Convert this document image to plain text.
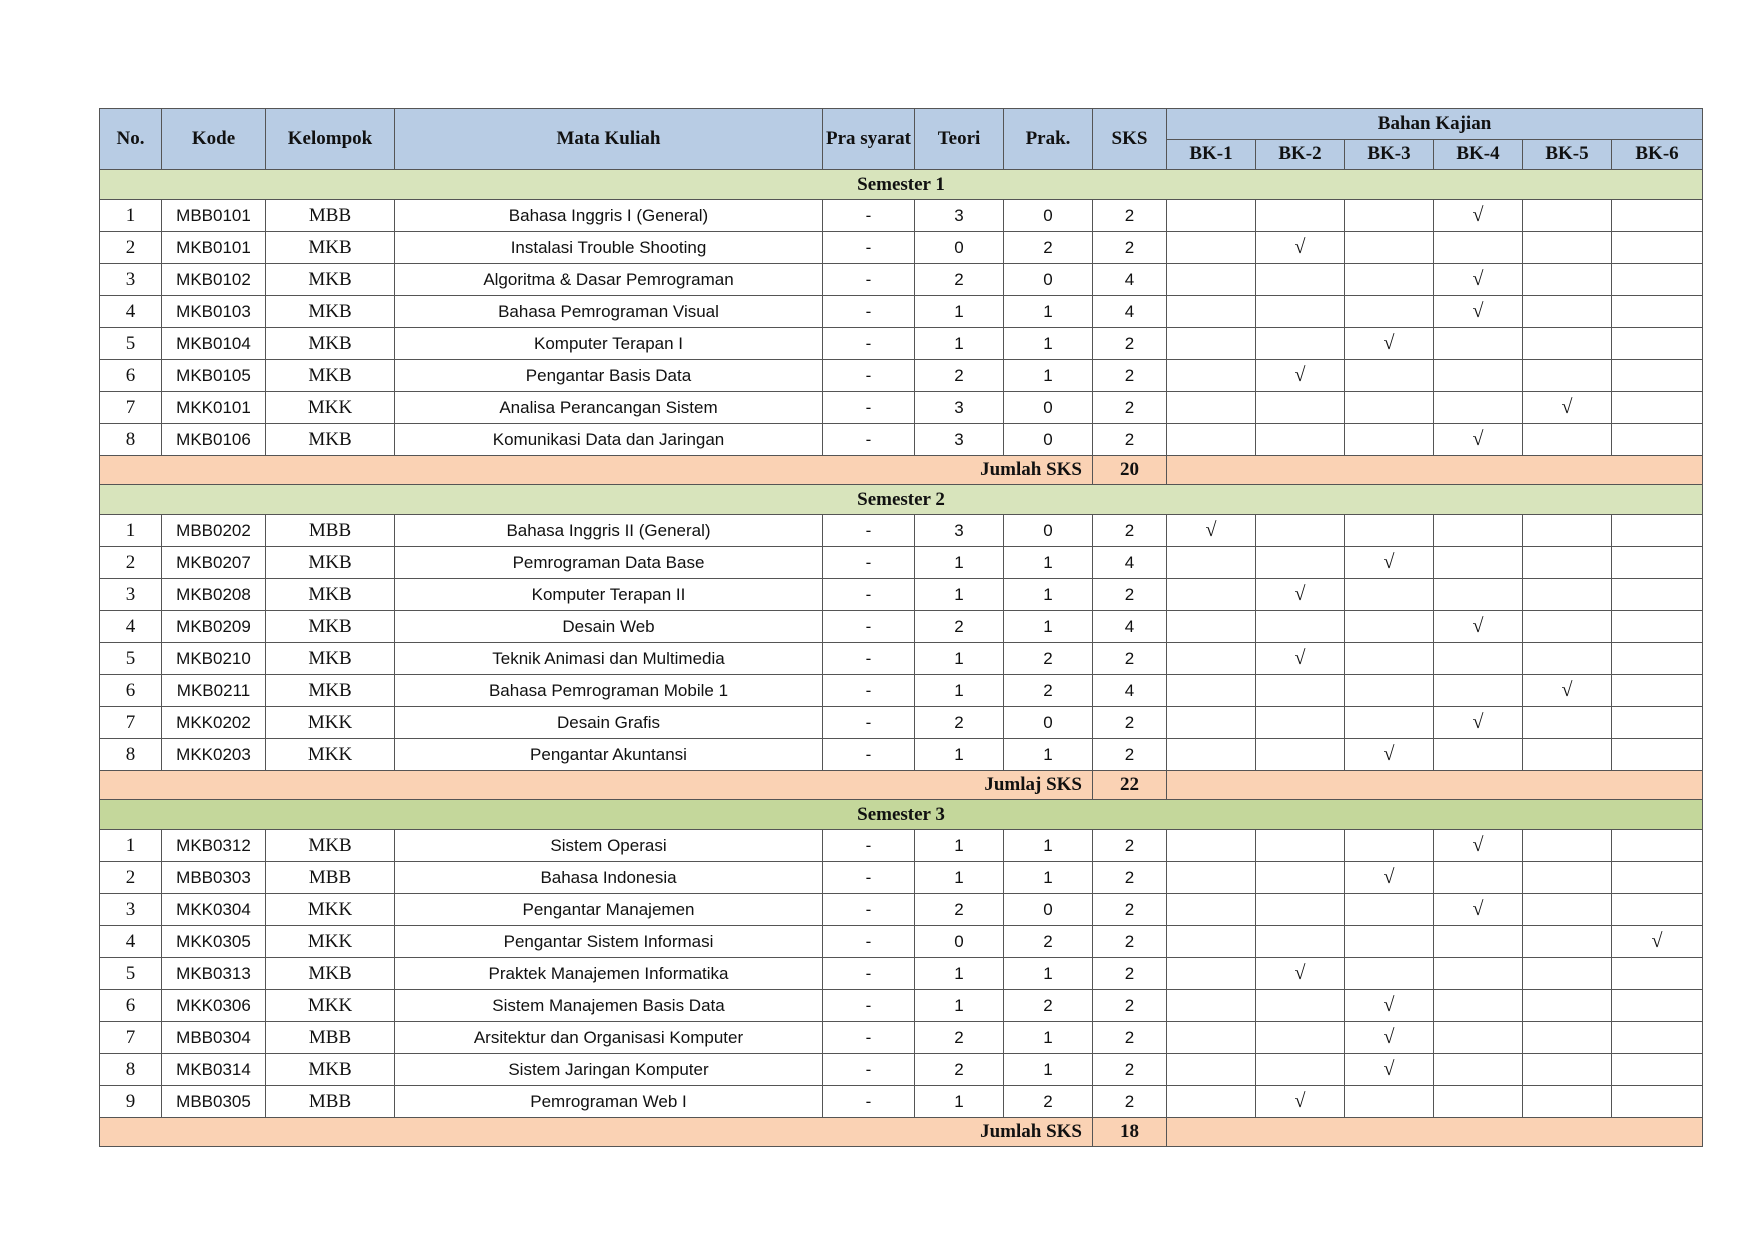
No.	Kode	Kelompok	Mata Kuliah	Pra syarat	Teori	Prak.	SKS	Bahan Kajian					
								BK-1	BK-2	BK-3	BK-4	BK-5	BK-6
Semester 1													
1	MBB0101	MBB	Bahasa Inggris I (General)	-	3	0	2				√		
2	MKB0101	MKB	Instalasi Trouble Shooting	-	0	2	2		√				
3	MKB0102	MKB	Algoritma & Dasar Pemrograman	-	2	0	4				√		
4	MKB0103	MKB	Bahasa Pemrograman Visual	-	1	1	4				√		
5	MKB0104	MKB	Komputer Terapan I	-	1	1	2			√			
6	MKB0105	MKB	Pengantar Basis Data	-	2	1	2		√				
7	MKK0101	MKK	Analisa Perancangan Sistem	-	3	0	2					√	
8	MKB0106	MKB	Komunikasi Data dan Jaringan	-	3	0	2				√		
Jumlah SKS							20						
Semester 2													
1	MBB0202	MBB	Bahasa Inggris II (General)	-	3	0	2	√					
2	MKB0207	MKB	Pemrograman Data Base	-	1	1	4			√			
3	MKB0208	MKB	Komputer Terapan II	-	1	1	2		√				
4	MKB0209	MKB	Desain Web	-	2	1	4				√		
5	MKB0210	MKB	Teknik Animasi dan Multimedia	-	1	2	2		√				
6	MKB0211	MKB	Bahasa Pemrograman Mobile 1	-	1	2	4					√	
7	MKK0202	MKK	Desain Grafis	-	2	0	2				√		
8	MKK0203	MKK	Pengantar Akuntansi	-	1	1	2			√			
Jumlaj SKS							22						
Semester 3													
1	MKB0312	MKB	Sistem Operasi	-	1	1	2				√		
2	MBB0303	MBB	Bahasa Indonesia	-	1	1	2			√			
3	MKK0304	MKK	Pengantar Manajemen	-	2	0	2				√		
4	MKK0305	MKK	Pengantar Sistem Informasi	-	0	2	2						√
5	MKB0313	MKB	Praktek Manajemen Informatika	-	1	1	2		√				
6	MKK0306	MKK	Sistem Manajemen Basis Data	-	1	2	2			√			
7	MBB0304	MBB	Arsitektur dan Organisasi Komputer	-	2	1	2			√			
8	MKB0314	MKB	Sistem Jaringan Komputer	-	2	1	2			√			
9	MBB0305	MBB	Pemrograman Web I	-	1	2	2		√				
Jumlah SKS							18						
